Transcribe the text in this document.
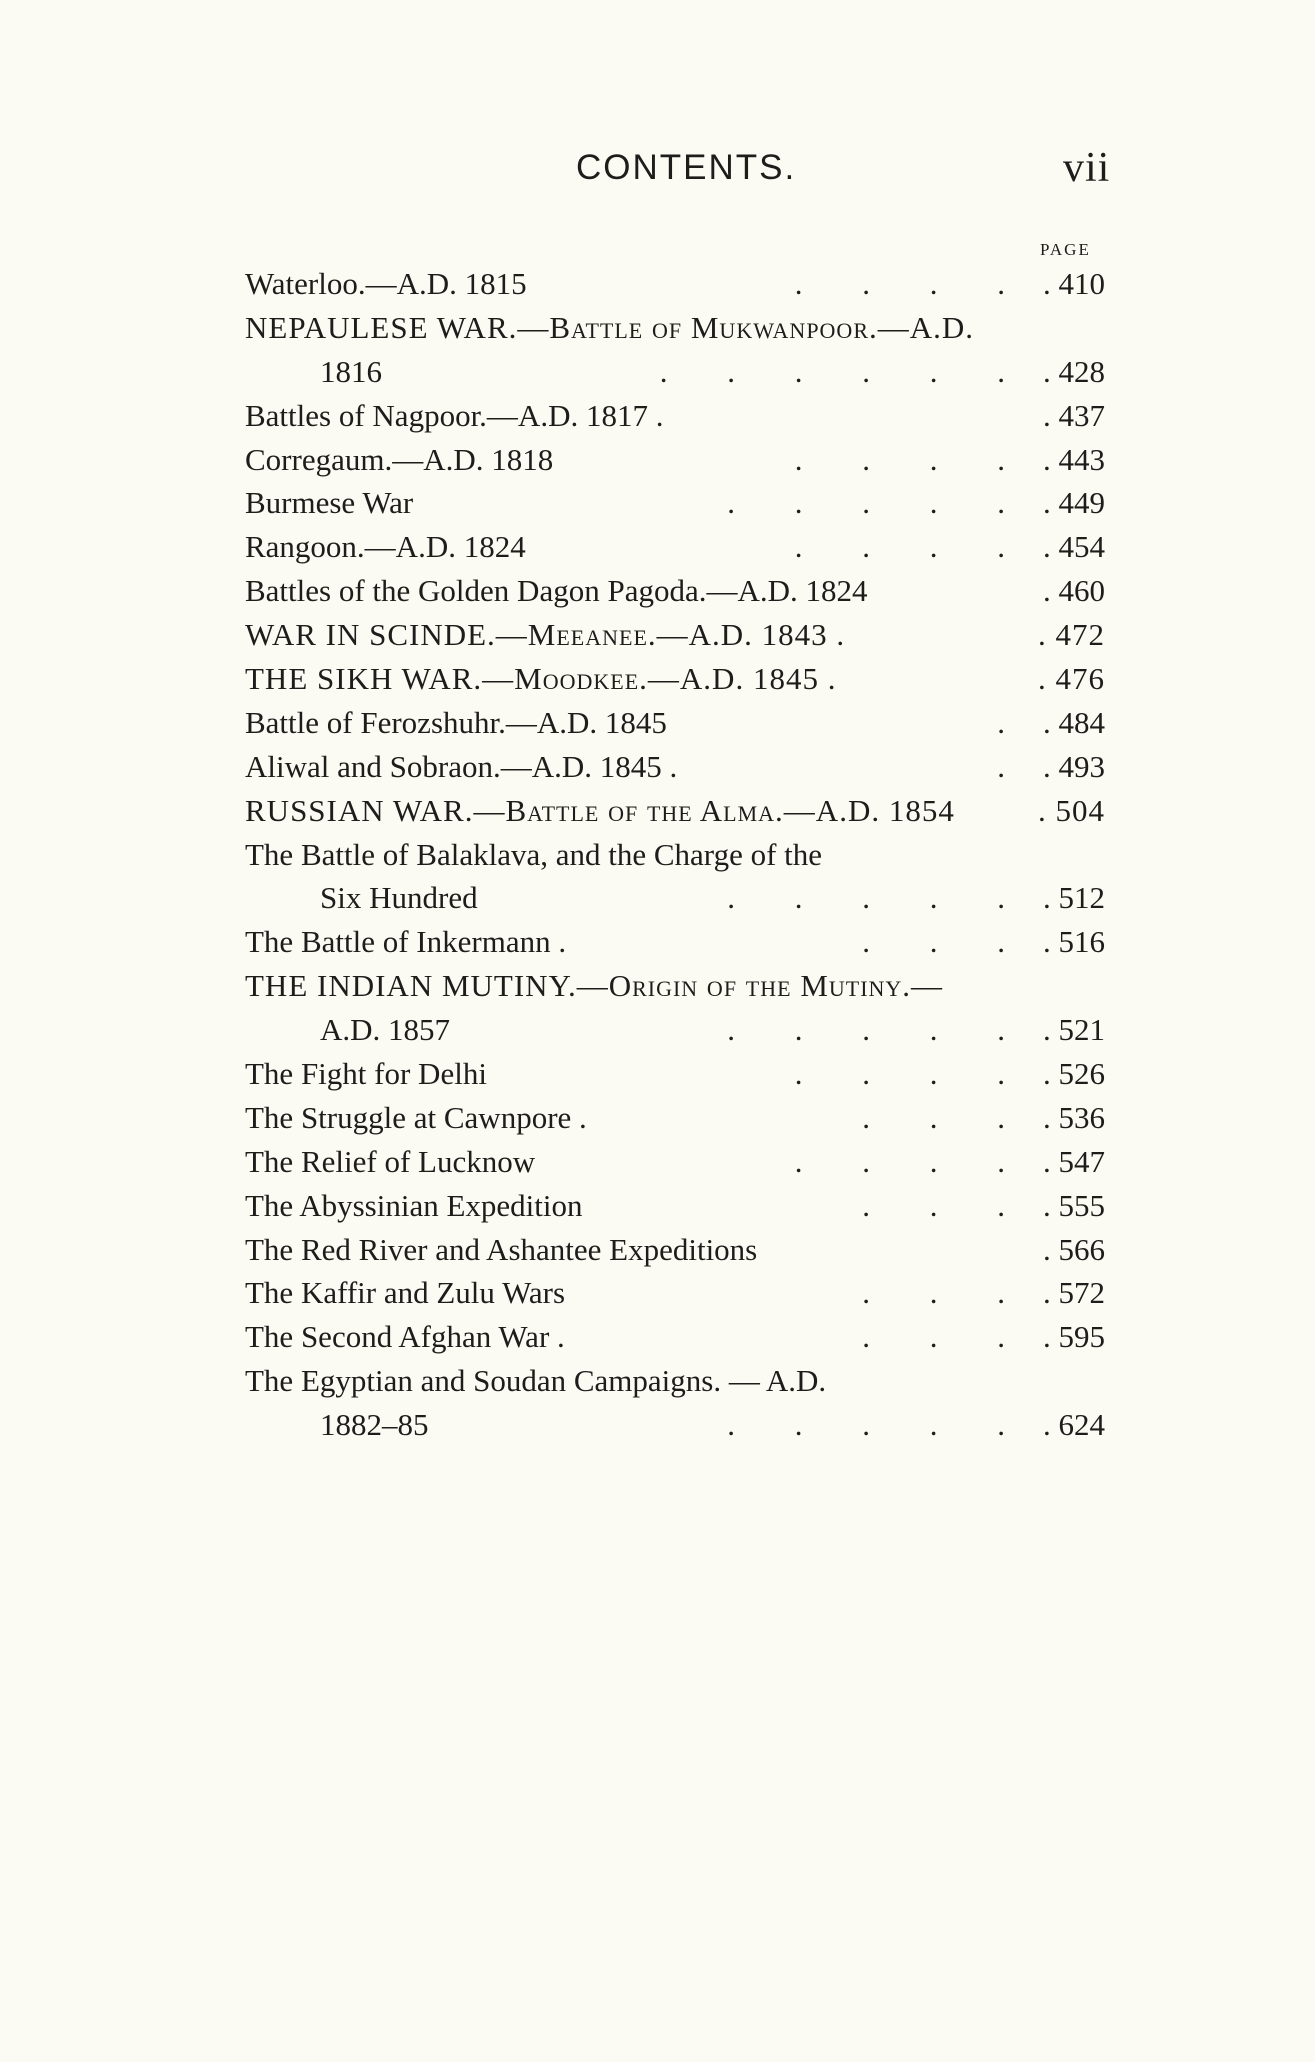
CONTENTS.	vii
PAGE
Waterloo.—A.D. 1815	. . . .	. 410
NEPAULESE WAR.—Battle of Mukwanpoor.—A.D.
1816	. . . . . .	. 428
Battles of Nagpoor.—A.D. 1817 .	. 437
Corregaum.—A.D. 1818	. . . .	. 443
Burmese War	. . . . .	. 449
Rangoon.—A.D. 1824	. . . .	. 454
Battles of the Golden Dagon Pagoda.—A.D. 1824	. 460
WAR IN SCINDE.—Meeanee.—A.D. 1843 .	. 472
THE SIKH WAR.—Moodkee.—A.D. 1845 .	. 476
Battle of Ferozshuhr.—A.D. 1845	.	. 484
Aliwal and Sobraon.—A.D. 1845 .	.	. 493
RUSSIAN WAR.—Battle of the Alma.—A.D. 1854	. 504
The Battle of Balaklava, and the Charge of the
Six Hundred	. . . . .	. 512
The Battle of Inkermann .	. . .	. 516
THE INDIAN MUTINY.—Origin of the Mutiny.—
A.D. 1857	. . . . .	. 521
The Fight for Delhi	. . . .	. 526
The Struggle at Cawnpore .	. . .	. 536
The Relief of Lucknow	. . . .	. 547
The Abyssinian Expedition	. . .	. 555
The Red River and Ashantee Expeditions	. 566
The Kaffir and Zulu Wars	. . .	. 572
The Second Afghan War .	. . .	. 595
The Egyptian and Soudan Campaigns. — A.D.
1882–85	. . . . .	. 624
